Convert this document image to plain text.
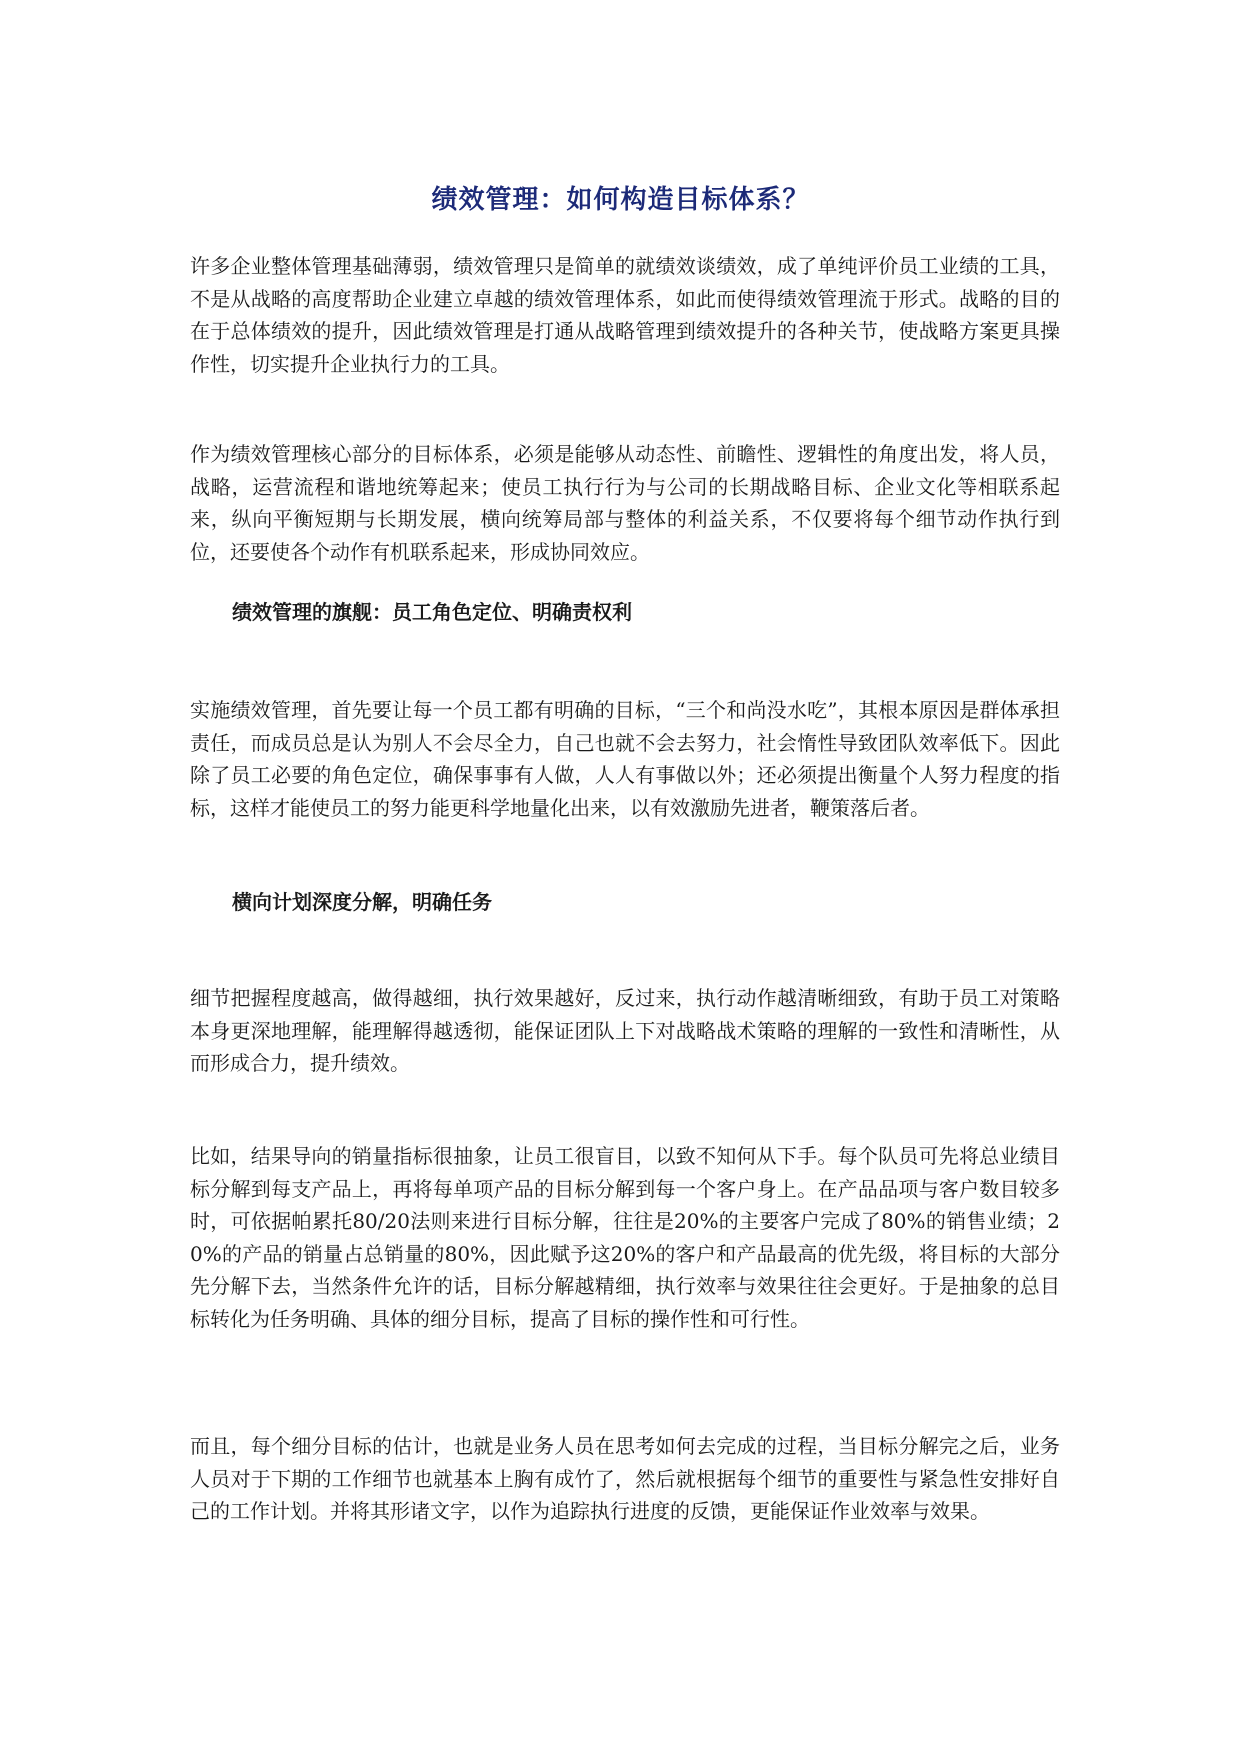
绩效管理：如何构造目标体系？

许多企业整体管理基础薄弱，绩效管理只是简单的就绩效谈绩效，成了单纯评价员工业绩的工具，不是从战略的高度帮助企业建立卓越的绩效管理体系，如此而使得绩效管理流于形式。战略的目的在于总体绩效的提升，因此绩效管理是打通从战略管理到绩效提升的各种关节，使战略方案更具操作性，切实提升企业执行力的工具。

作为绩效管理核心部分的目标体系，必须是能够从动态性、前瞻性、逻辑性的角度出发，将人员，战略，运营流程和谐地统筹起来；使员工执行行为与公司的长期战略目标、企业文化等相联系起来，纵向平衡短期与长期发展，横向统筹局部与整体的利益关系，不仅要将每个细节动作执行到位，还要使各个动作有机联系起来，形成协同效应。

绩效管理的旗舰：员工角色定位、明确责权利

实施绩效管理，首先要让每一个员工都有明确的目标，“三个和尚没水吃”，其根本原因是群体承担责任，而成员总是认为别人不会尽全力，自己也就不会去努力，社会惰性导致团队效率低下。因此除了员工必要的角色定位，确保事事有人做，人人有事做以外；还必须提出衡量个人努力程度的指标，这样才能使员工的努力能更科学地量化出来，以有效激励先进者，鞭策落后者。

横向计划深度分解，明确任务

细节把握程度越高，做得越细，执行效果越好，反过来，执行动作越清晰细致，有助于员工对策略本身更深地理解，能理解得越透彻，能保证团队上下对战略战术策略的理解的一致性和清晰性，从而形成合力，提升绩效。

比如，结果导向的销量指标很抽象，让员工很盲目，以致不知何从下手。每个队员可先将总业绩目标分解到每支产品上，再将每单项产品的目标分解到每一个客户身上。在产品品项与客户数目较多时，可依据帕累托80/20法则来进行目标分解，往往是20%的主要客户完成了80%的销售业绩；20%的产品的销量占总销量的80%，因此赋予这20%的客户和产品最高的优先级，将目标的大部分先分解下去，当然条件允许的话，目标分解越精细，执行效率与效果往往会更好。于是抽象的总目标转化为任务明确、具体的细分目标，提高了目标的操作性和可行性。

而且，每个细分目标的估计，也就是业务人员在思考如何去完成的过程，当目标分解完之后，业务人员对于下期的工作细节也就基本上胸有成竹了，然后就根据每个细节的重要性与紧急性安排好自己的工作计划。并将其形诸文字，以作为追踪执行进度的反馈，更能保证作业效率与效果。
